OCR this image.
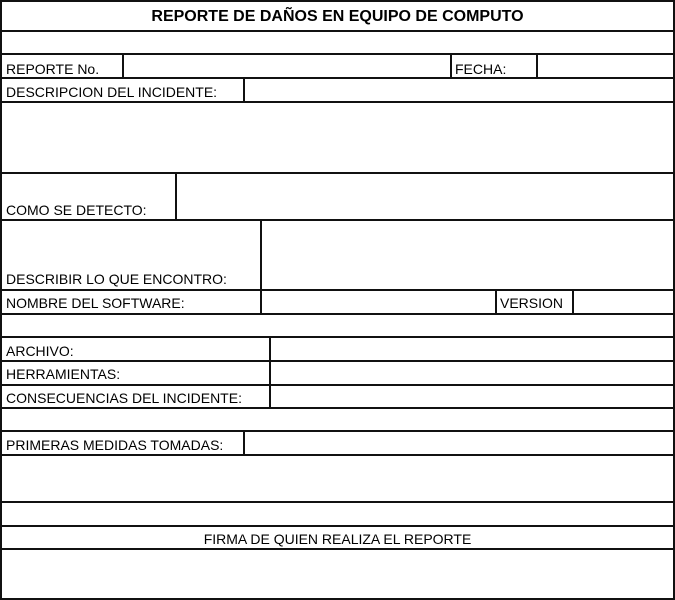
REPORTE DE DAÑOS EN EQUIPO DE COMPUTO
REPORTE No.	FECHA:
DESCRIPCION DEL INCIDENTE:
COMO SE DETECTO:
DESCRIBIR LO QUE ENCONTRO:
NOMBRE DEL SOFTWARE:	VERSION
ARCHIVO:
HERRAMIENTAS:
CONSECUENCIAS DEL INCIDENTE:
PRIMERAS MEDIDAS TOMADAS:
FIRMA DE QUIEN REALIZA EL REPORTE
